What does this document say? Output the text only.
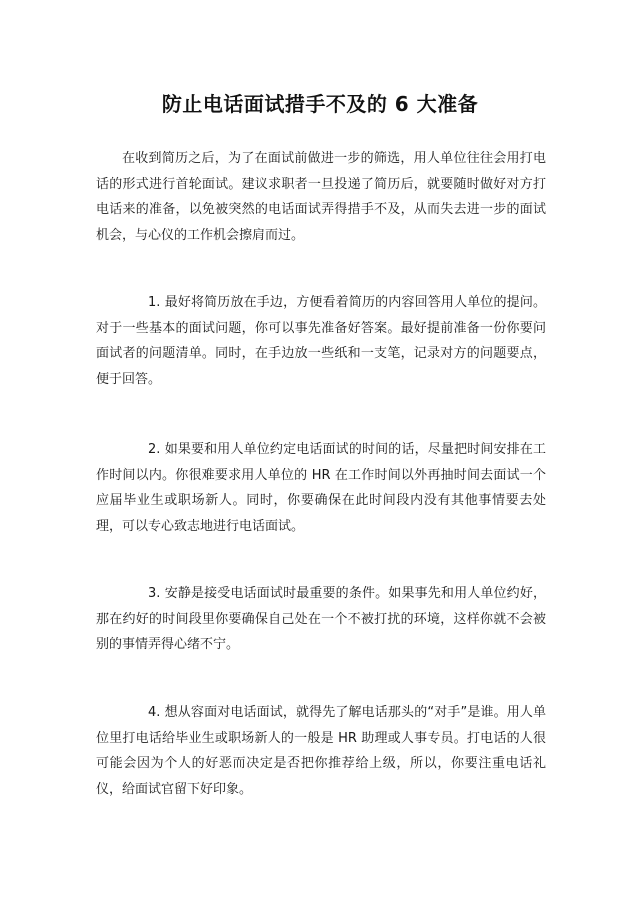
防止电话面试措手不及的 6 大准备

在收到简历之后，为了在面试前做进一步的筛选，用人单位往往会用打电话的形式进行首轮面试。建议求职者一旦投递了简历后，就要随时做好对方打电话来的准备，以免被突然的电话面试弄得措手不及，从而失去进一步的面试机会，与心仪的工作机会擦肩而过。

1. 最好将简历放在手边，方便看着简历的内容回答用人单位的提问。对于一些基本的面试问题，你可以事先准备好答案。最好提前准备一份你要问面试者的问题清单。同时，在手边放一些纸和一支笔，记录对方的问题要点，便于回答。

2. 如果要和用人单位约定电话面试的时间的话，尽量把时间安排在工作时间以内。你很难要求用人单位的 HR 在工作时间以外再抽时间去面试一个应届毕业生或职场新人。同时，你要确保在此时间段内没有其他事情要去处理，可以专心致志地进行电话面试。

3. 安静是接受电话面试时最重要的条件。如果事先和用人单位约好，那在约好的时间段里你要确保自己处在一个不被打扰的环境，这样你就不会被别的事情弄得心绪不宁。

4. 想从容面对电话面试，就得先了解电话那头的“对手”是谁。用人单位里打电话给毕业生或职场新人的一般是 HR 助理或人事专员。打电话的人很可能会因为个人的好恶而决定是否把你推荐给上级，所以，你要注重电话礼仪，给面试官留下好印象。
